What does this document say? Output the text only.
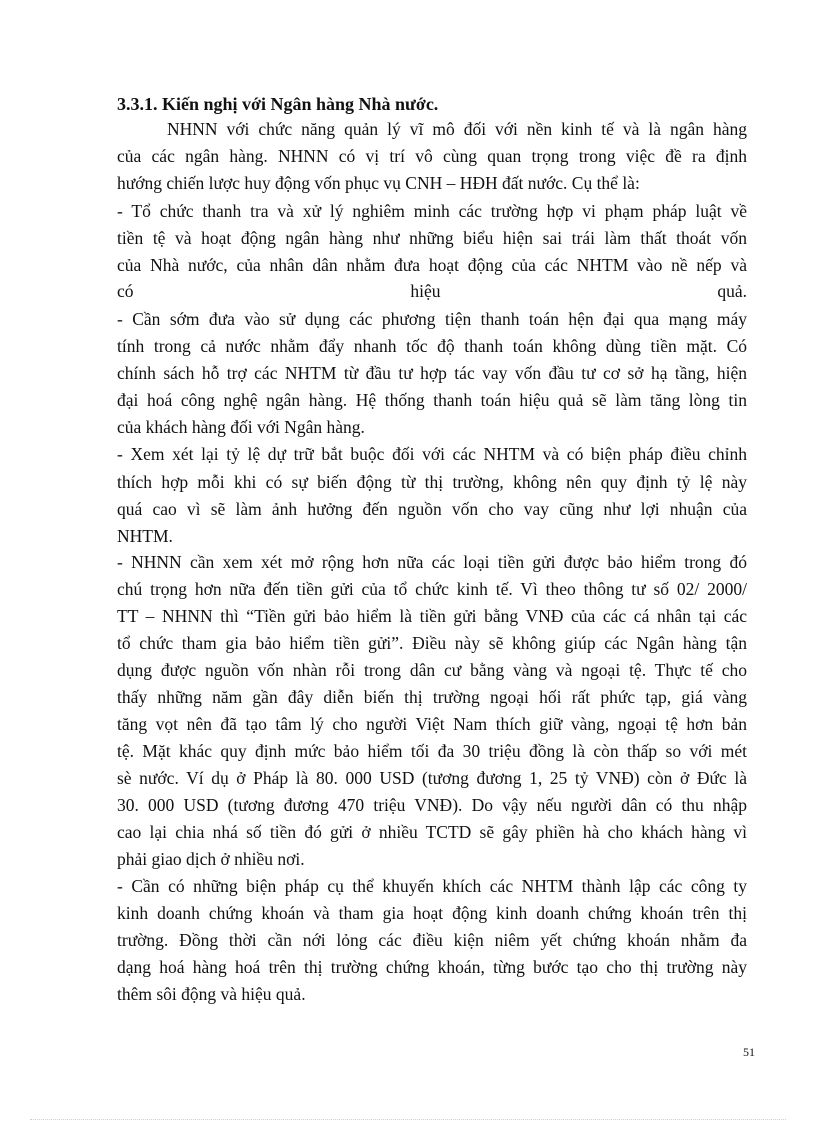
3.3.1. Kiến nghị với Ngân hàng Nhà nước.
NHNN với chức năng quản lý vĩ mô đối với nền kinh tế và là ngân hàng
của các ngân hàng. NHNN có vị trí vô cùng quan trọng trong việc đề ra định
hướng chiến lược huy động vốn phục vụ CNH – HĐH đất nước. Cụ thể là:
- Tổ chức thanh tra và xử lý nghiêm minh các trường hợp vi phạm pháp luật về
tiền tệ và hoạt động ngân hàng như những biểu hiện sai trái làm thất thoát vốn
của Nhà nước, của nhân dân nhằm đưa hoạt động của các NHTM vào nề nếp và
có hiệu quả.
- Cần sớm đưa vào sử dụng các phương tiện thanh toán hện đại qua mạng máy
tính trong cả nước nhằm đẩy nhanh tốc độ thanh toán không dùng tiền mặt. Có
chính sách hỗ trợ các NHTM từ đầu tư hợp tác vay vốn đầu tư cơ sở hạ tầng, hiện
đại hoá công nghệ ngân hàng. Hệ thống thanh toán hiệu quả sẽ làm tăng lòng tin
của khách hàng đối với Ngân hàng.
- Xem xét lại tỷ lệ dự trữ bắt buộc đối với các NHTM và có biện pháp điều chỉnh
thích hợp mỗi khi có sự biến động từ thị trường, không nên quy định tỷ lệ này
quá cao vì sẽ làm ảnh hưởng đến nguồn vốn cho vay cũng như lợi nhuận của
NHTM.
- NHNN cần xem xét mở rộng hơn nữa các loại tiền gửi được bảo hiểm trong đó
chú trọng hơn nữa đến tiền gửi của tổ chức kinh tế. Vì theo thông tư số 02/ 2000/
TT – NHNN thì “Tiền gửi bảo hiểm là tiền gửi bằng VNĐ của các cá nhân tại các
tổ chức tham gia bảo hiểm tiền gửi”. Điều này sẽ không giúp các Ngân hàng tận
dụng được nguồn vốn nhàn rỗi trong dân cư bằng vàng và ngoại tệ. Thực tế cho
thấy những năm gần đây diễn biến thị trường ngoại hối rất phức tạp, giá vàng
tăng vọt nên đã tạo tâm lý cho người Việt Nam thích giữ vàng, ngoại tệ hơn bản
tệ. Mặt khác quy định mức bảo hiểm tối đa 30 triệu đồng là còn thấp so với mét
sè nước. Ví dụ ở Pháp là 80. 000 USD (tương đương 1, 25 tỷ VNĐ) còn ở Đức là
30. 000 USD (tương đương 470 triệu VNĐ). Do vậy nếu người dân có thu nhập
cao lại chia nhá số tiền đó gửi ở nhiều TCTD sẽ gây phiền hà cho khách hàng vì
phải giao dịch ở nhiều nơi.
- Cần có những biện pháp cụ thể khuyến khích các NHTM thành lập các công ty
kinh doanh chứng khoán và tham gia hoạt động kinh doanh chứng khoán trên thị
trường. Đồng thời cần nới lỏng các điều kiện niêm yết chứng khoán nhằm đa
dạng hoá hàng hoá trên thị trường chứng khoán, từng bước tạo cho thị trường này
thêm sôi động và hiệu quả.
51
